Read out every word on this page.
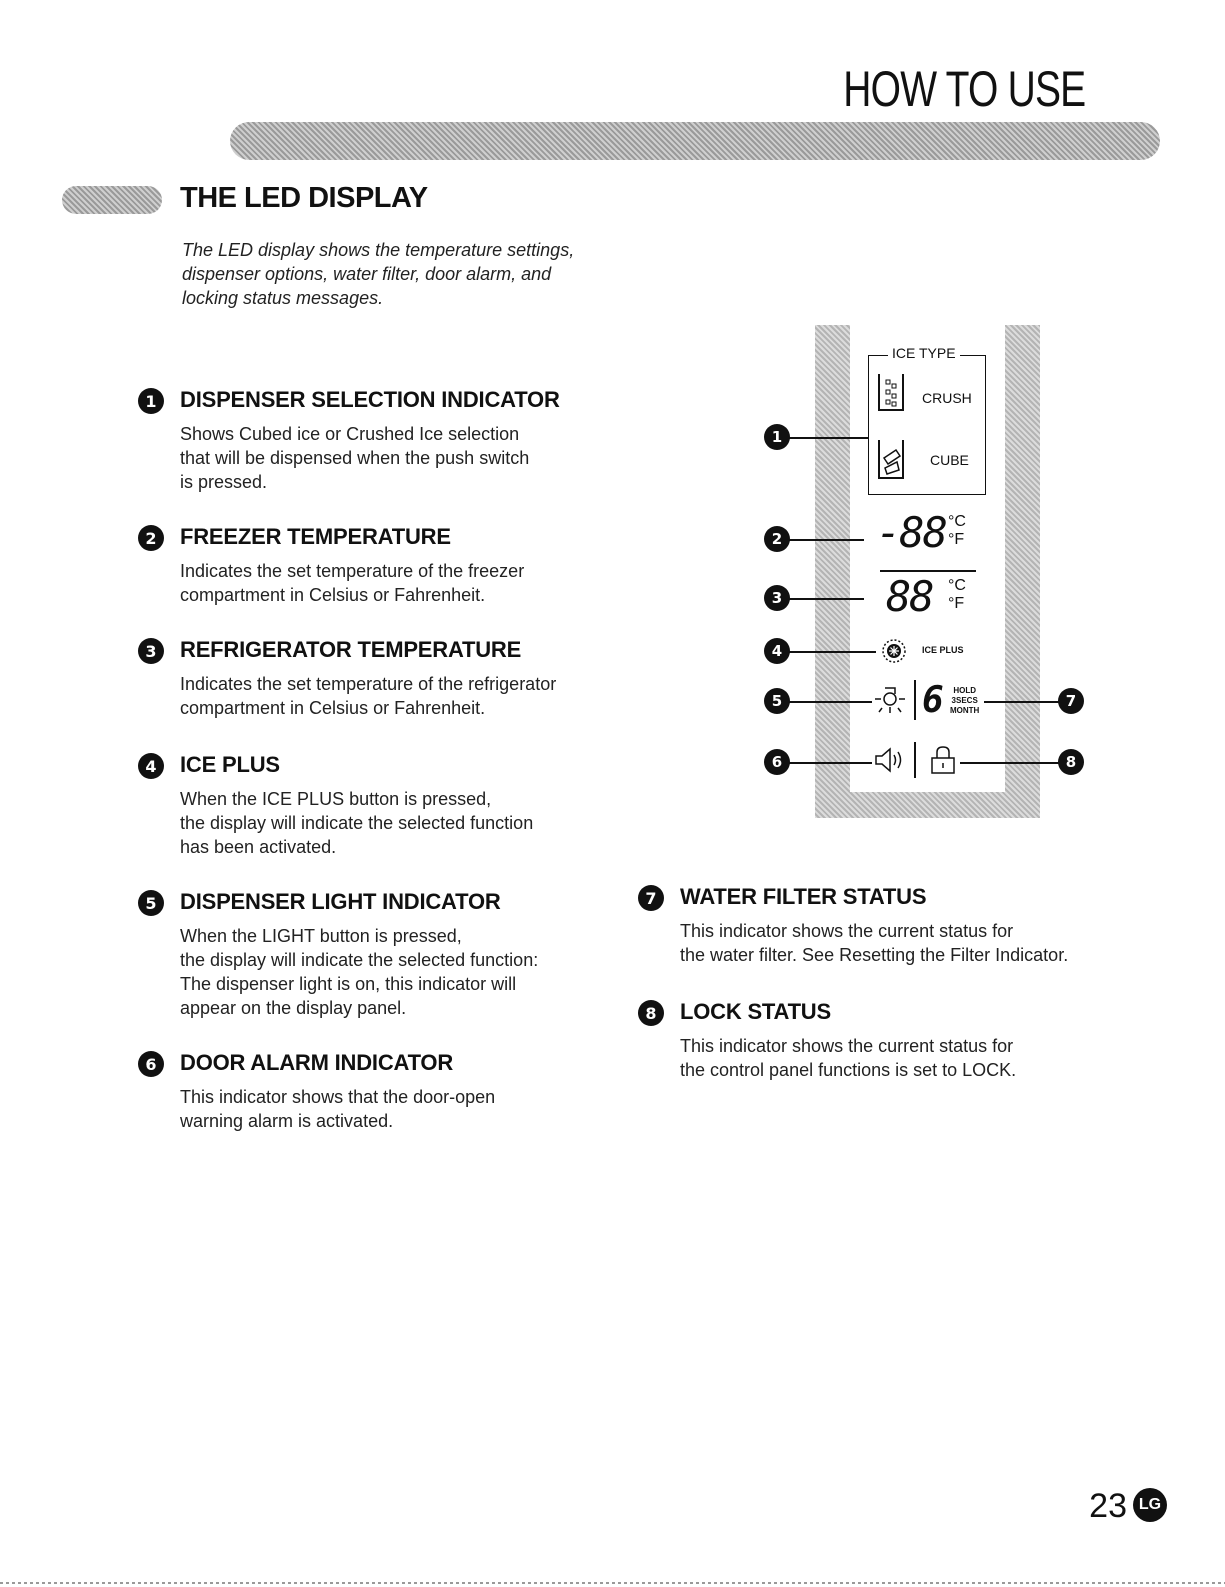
HOW TO USE
THE LED DISPLAY
The LED display shows the temperature settings,
dispenser options, water filter, door alarm, and
locking status messages.
1	DISPENSER SELECTION INDICATOR
Shows Cubed ice or Crushed Ice selection
that will be dispensed when the push switch
is pressed.
2	FREEZER TEMPERATURE
Indicates the set temperature of the freezer
compartment in Celsius or Fahrenheit.
3	REFRIGERATOR TEMPERATURE
Indicates the set temperature of the refrigerator
compartment in Celsius or Fahrenheit.
4	ICE PLUS
When the ICE PLUS button is pressed,
the display will indicate the selected function
has been activated.
5	DISPENSER LIGHT INDICATOR
When the LIGHT button is pressed,
the display will indicate the selected function:
The dispenser light is on, this indicator will
appear on the display panel.
6	DOOR ALARM INDICATOR
This indicator shows that the door-open
warning alarm is activated.
7	WATER FILTER STATUS
This indicator shows the current status for
the water filter. See Resetting the Filter Indicator.
8	LOCK STATUS
This indicator shows the current status for
the control panel functions is set to LOCK.
ICE TYPE
CRUSH
CUBE
-88 °C
°F
88 °C
°F
ICE PLUS
6	HOLD
3SECS
MONTH
1
2
3
4
5
6
7
8
23 LG
